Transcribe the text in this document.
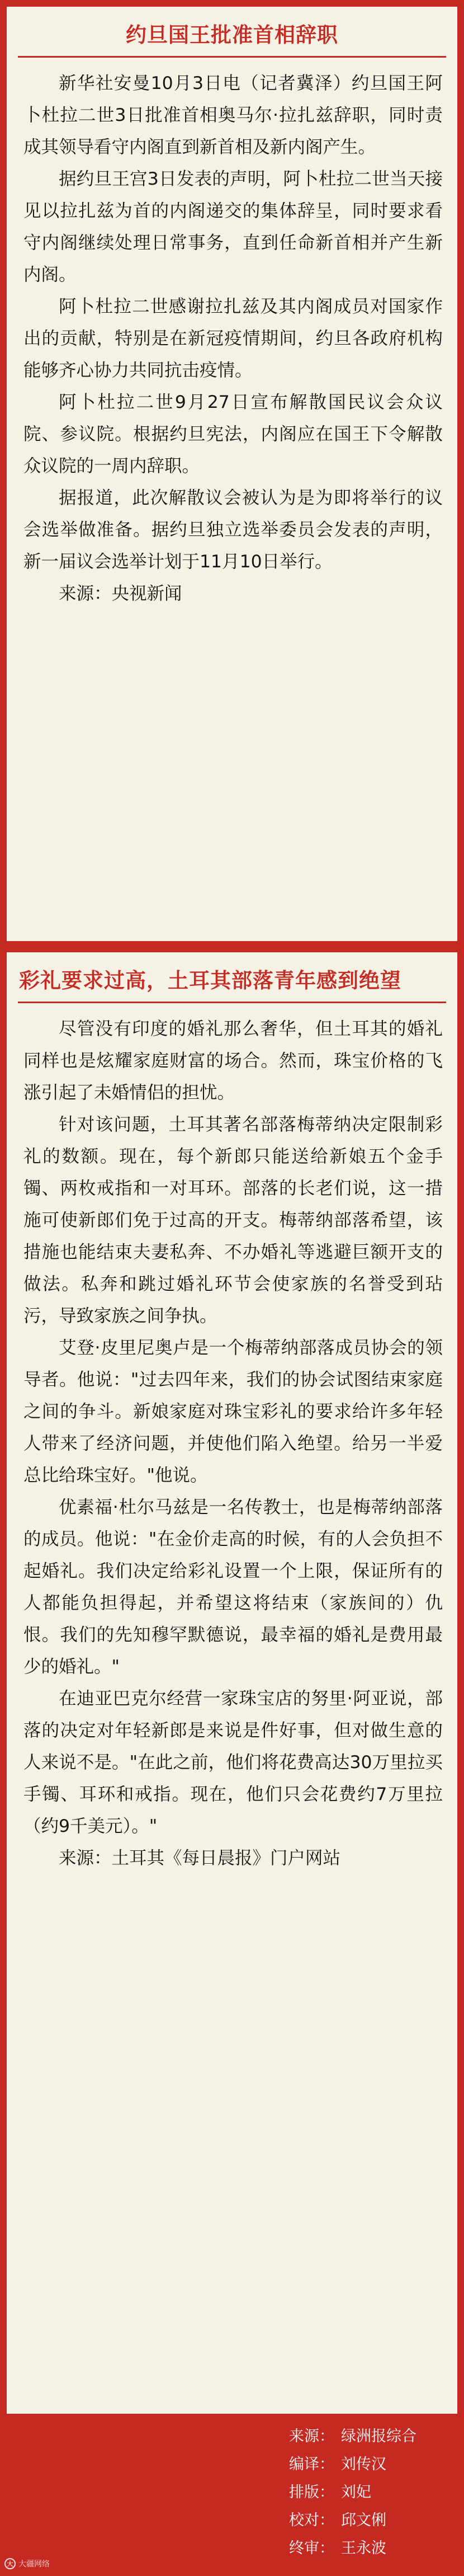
约旦国王批准首相辞职

新华社安曼10月3日电（记者冀泽）约旦国王阿卜杜拉二世3日批准首相奥马尔·拉扎兹辞职，同时责成其领导看守内阁直到新首相及新内阁产生。

据约旦王宫3日发表的声明，阿卜杜拉二世当天接见以拉扎兹为首的内阁递交的集体辞呈，同时要求看守内阁继续处理日常事务，直到任命新首相并产生新内阁。

阿卜杜拉二世感谢拉扎兹及其内阁成员对国家作出的贡献，特别是在新冠疫情期间，约旦各政府机构能够齐心协力共同抗击疫情。

阿卜杜拉二世9月27日宣布解散国民议会众议院、参议院。根据约旦宪法，内阁应在国王下令解散众议院的一周内辞职。

据报道，此次解散议会被认为是为即将举行的议会选举做准备。据约旦独立选举委员会发表的声明，新一届议会选举计划于11月10日举行。

来源：央视新闻

彩礼要求过高，土耳其部落青年感到绝望

尽管没有印度的婚礼那么奢华，但土耳其的婚礼同样也是炫耀家庭财富的场合。然而，珠宝价格的飞涨引起了未婚情侣的担忧。

针对该问题，土耳其著名部落梅蒂纳决定限制彩礼的数额。现在，每个新郎只能送给新娘五个金手镯、两枚戒指和一对耳环。部落的长老们说，这一措施可使新郎们免于过高的开支。梅蒂纳部落希望，该措施也能结束夫妻私奔、不办婚礼等逃避巨额开支的做法。私奔和跳过婚礼环节会使家族的名誉受到玷污，导致家族之间争执。

艾登·皮里尼奥卢是一个梅蒂纳部落成员协会的领导者。他说："过去四年来，我们的协会试图结束家庭之间的争斗。新娘家庭对珠宝彩礼的要求给许多年轻人带来了经济问题，并使他们陷入绝望。给另一半爱总比给珠宝好。"他说。

优素福·杜尔马兹是一名传教士，也是梅蒂纳部落的成员。他说："在金价走高的时候，有的人会负担不起婚礼。我们决定给彩礼设置一个上限，保证所有的人都能负担得起，并希望这将结束（家族间的）仇恨。我们的先知穆罕默德说，最幸福的婚礼是费用最少的婚礼。"

在迪亚巴克尔经营一家珠宝店的努里·阿亚说，部落的决定对年轻新郎是来说是件好事，但对做生意的人来说不是。"在此之前，他们将花费高达30万里拉买手镯、耳环和戒指。现在，他们只会花费约7万里拉（约9千美元）。"

来源：土耳其《每日晨报》门户网站

来源： 绿洲报综合
编译： 刘传汉
排版： 刘妃
校对： 邱文俐
终审： 王永波
大 大疆网络
